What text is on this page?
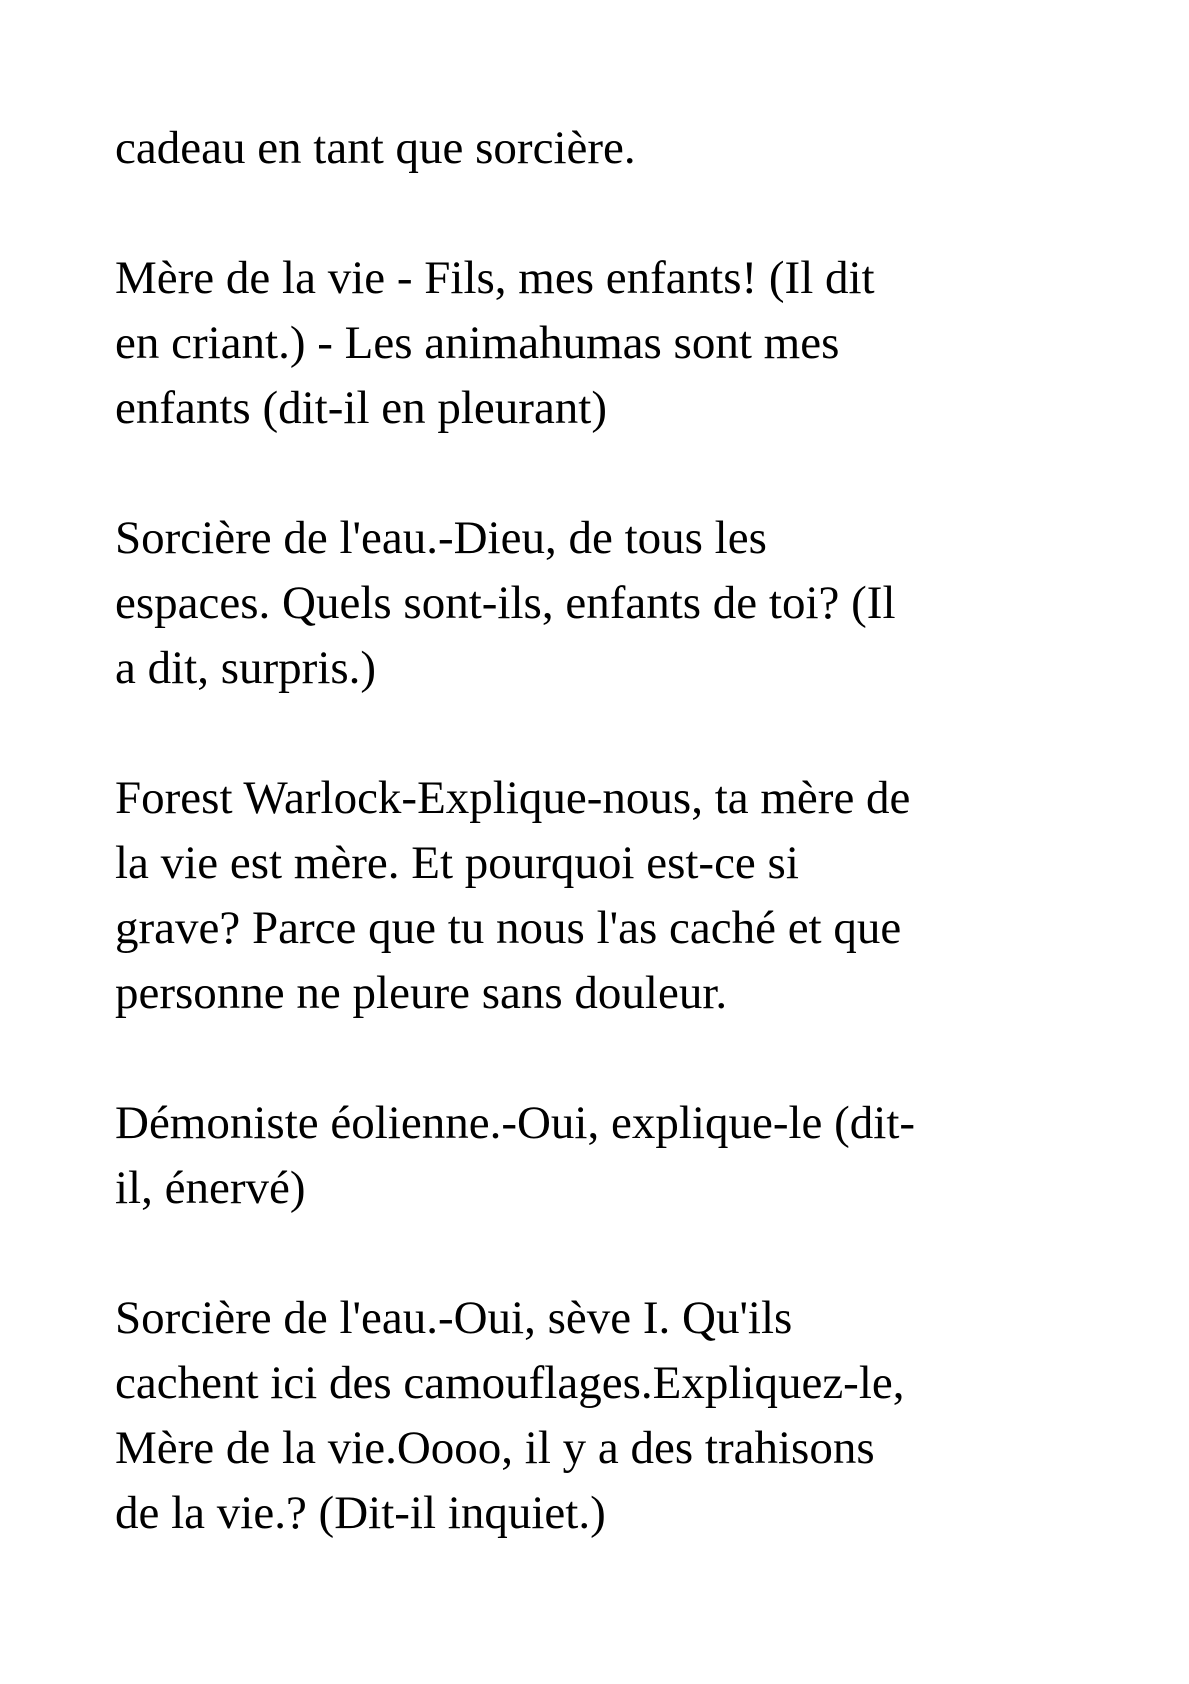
cadeau en tant que sorcière.
Mère de la vie - Fils, mes enfants! (Il dit
en criant.) - Les animahumas sont mes
enfants (dit-il en pleurant)
Sorcière de l'eau.-Dieu, de tous les
espaces. Quels sont-ils, enfants de toi? (Il
a dit, surpris.)
Forest Warlock-Explique-nous, ta mère de
la vie est mère. Et pourquoi est-ce si
grave? Parce que tu nous l'as caché et que
personne ne pleure sans douleur.
Démoniste éolienne.-Oui, explique-le (dit-
il, énervé)
Sorcière de l'eau.-Oui, sève I. Qu'ils
cachent ici des camouflages.Expliquez-le,
Mère de la vie.Oooo, il y a des trahisons
de la vie.? (Dit-il inquiet.)
